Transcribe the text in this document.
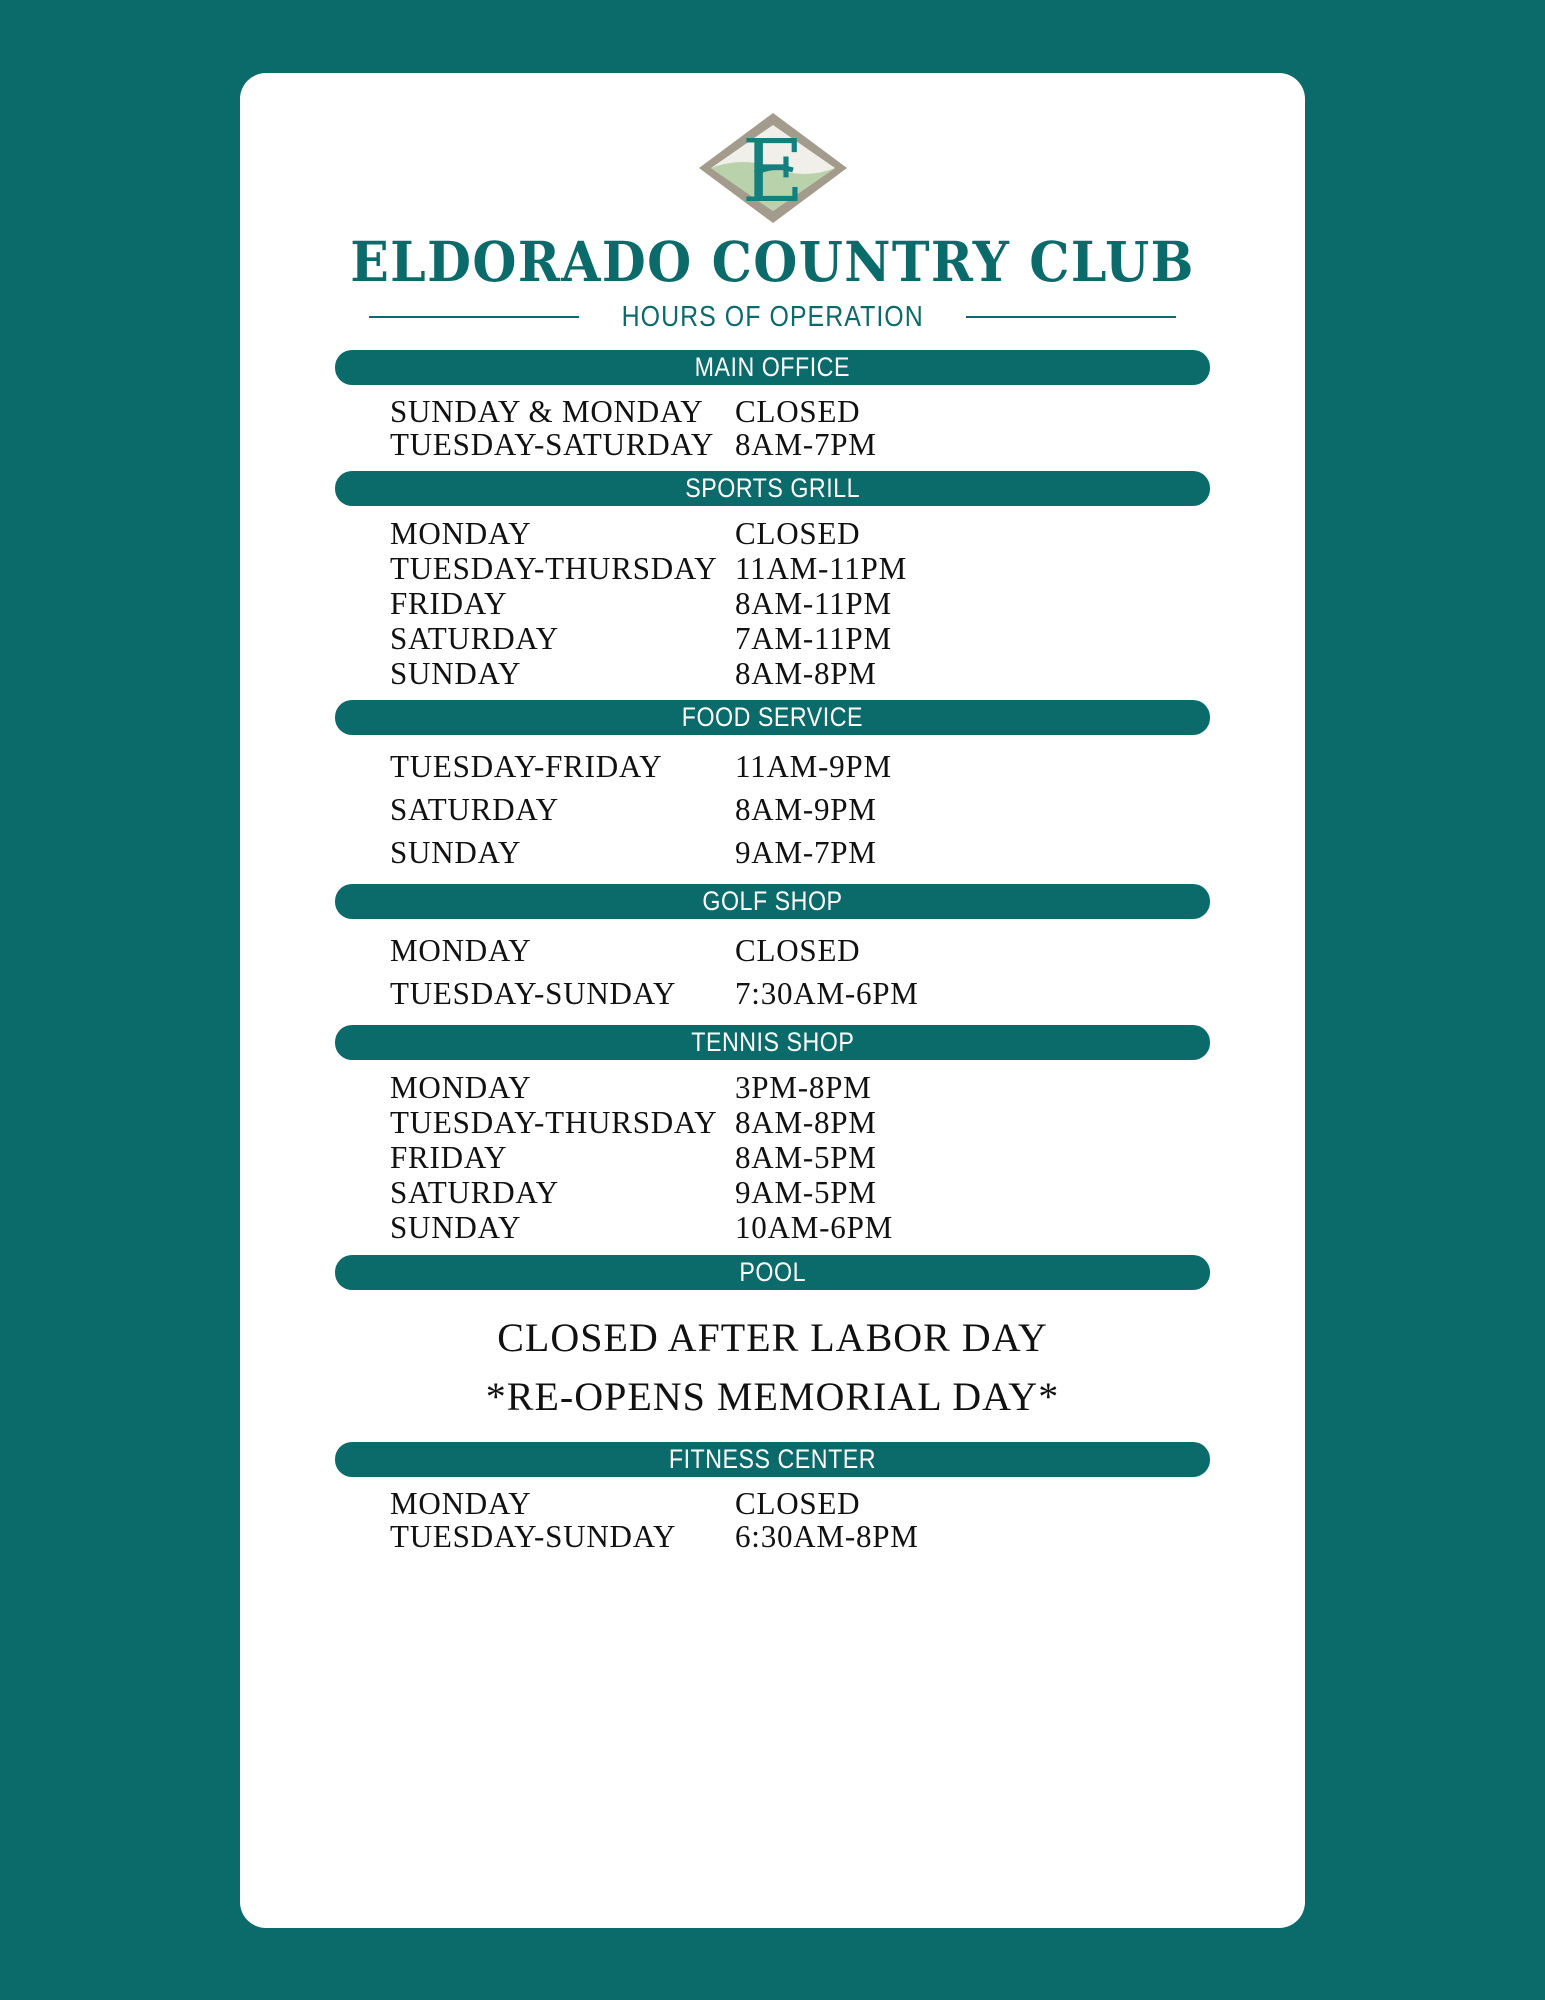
E
ELDORADO COUNTRY CLUB
HOURS OF OPERATION
MAIN OFFICE
SUNDAY & MONDAY CLOSED
TUESDAY-SATURDAY 8AM-7PM
SPORTS GRILL
MONDAY	CLOSED
TUESDAY-THURSDAY 11AM-11PM
FRIDAY	8AM-11PM
SATURDAY	7AM-11PM
SUNDAY	8AM-8PM
FOOD SERVICE
TUESDAY-FRIDAY	11AM-9PM
SATURDAY	8AM-9PM
SUNDAY	9AM-7PM
GOLF SHOP
MONDAY	CLOSED
TUESDAY-SUNDAY	7:30AM-6PM
TENNIS SHOP
MONDAY	3PM-8PM
TUESDAY-THURSDAY 8AM-8PM
FRIDAY	8AM-5PM
SATURDAY	9AM-5PM
SUNDAY	10AM-6PM
POOL
CLOSED AFTER LABOR DAY
*RE-OPENS MEMORIAL DAY*
FITNESS CENTER
MONDAY	CLOSED
TUESDAY-SUNDAY	6:30AM-8PM
